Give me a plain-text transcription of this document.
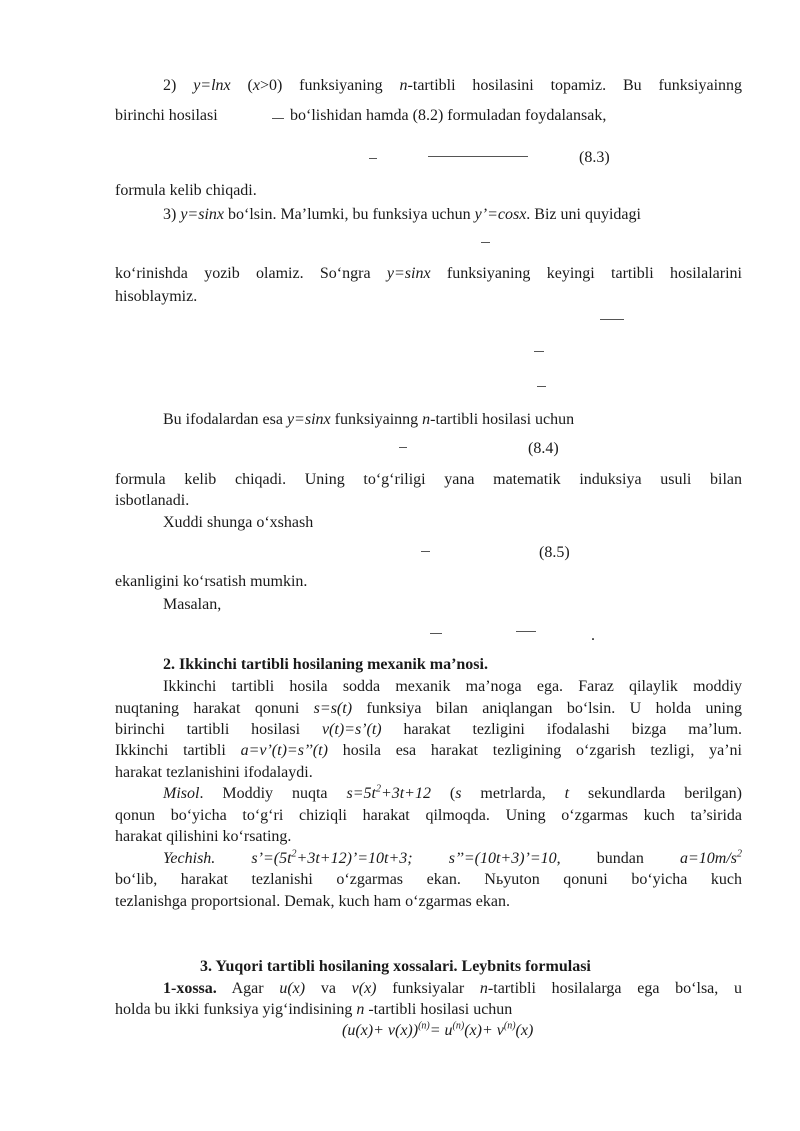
2) y=lnx (x>0) funksiyaning n-tartibli hosilasini topamiz. Bu funksiyainng
birinchi hosilasi	bo‘lishidan hamda (8.2) formuladan foydalansak,
(8.3)
formula kelib chiqadi.
3) y=sinx bo‘lsin. Ma’lumki, bu funksiya uchun y’=cosx. Biz uni quyidagi
ko‘rinishda yozib olamiz. So‘ngra y=sinx funksiyaning keyingi tartibli hosilalarini
hisoblaymiz.
Bu ifodalardan esa y=sinx funksiyainng n-tartibli hosilasi uchun
(8.4)
formula kelib chiqadi. Uning to‘g‘riligi yana matematik induksiya usuli bilan
isbotlanadi.
Xuddi shunga o‘xshash
(8.5)
ekanligini ko‘rsatish mumkin.
Masalan,
.
2. Ikkinchi tartibli hosilaning mexanik ma’nosi.
Ikkinchi tartibli hosila sodda mexanik ma’noga ega. Faraz qilaylik moddiy
nuqtaning harakat qonuni s=s(t) funksiya bilan aniqlangan bo‘lsin. U holda uning
birinchi tartibli hosilasi v(t)=s’(t) harakat tezligini ifodalashi bizga ma’lum.
Ikkinchi tartibli a=v’(t)=s’’(t) hosila esa harakat tezligining o‘zgarish tezligi, ya’ni
harakat tezlanishini ifodalaydi.
Misol. Moddiy nuqta $s=5t^2+3t+12$ (s metrlarda, t sekundlarda berilgan)
qonun bo‘yicha to‘g‘ri chiziqli harakat qilmoqda. Uning o‘zgarmas kuch ta’sirida
harakat qilishini ko‘rsating.
Yechish. $s’=(5t^2+3t+12)’=10t+3$; s’’=(10t+3)’=10, bundan $a=10m/s^2$
bo‘lib, harakat tezlanishi o‘zgarmas ekan. Nьyuton qonuni bo‘yicha kuch
tezlanishga proportsional. Demak, kuch ham o‘zgarmas ekan.
3. Yuqori tartibli hosilaning xossalari. Leybnits formulasi
1-xossa. Agar u(x) va v(x) funksiyalar n-tartibli hosilalarga ega bo‘lsa, u
holda bu ikki funksiya yig‘indisining n -tartibli hosilasi uchun
$(u(x)+ v(x))^{(n)}= u^{(n)}(x)+ v^{(n)}(x)$
